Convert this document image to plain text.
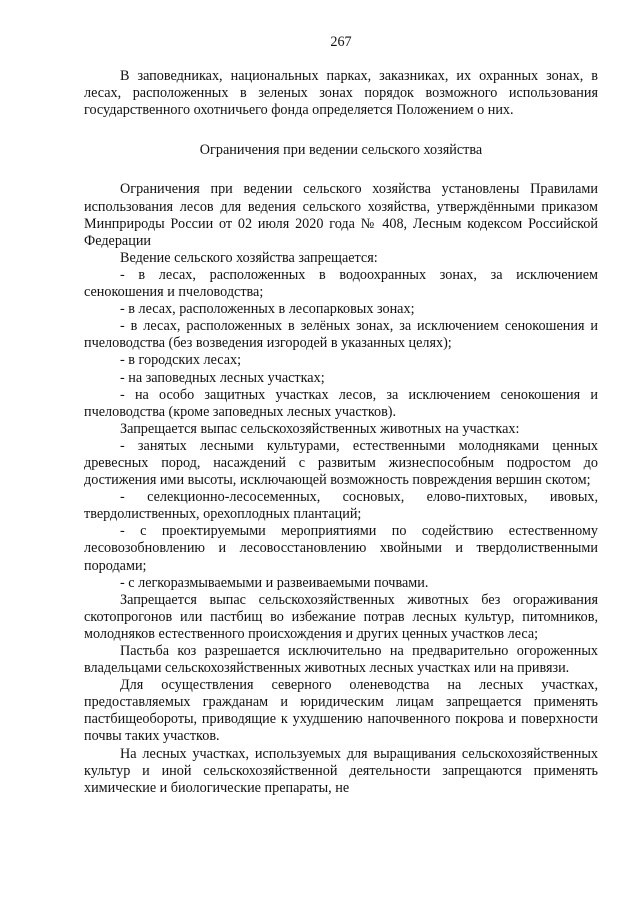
267

В заповедниках, национальных парках, заказниках, их охранных зонах, в лесах, расположенных в зеленых зонах порядок возможного использования государственного охотничьего фонда определяется Положением о них.

Ограничения при ведении сельского хозяйства

Ограничения при ведении сельского хозяйства установлены Правилами использования лесов для ведения сельского хозяйства, утверждёнными приказом Минприроды России от 02 июля 2020 года № 408, Лесным кодексом Российской Федерации

Ведение сельского хозяйства запрещается:

- в лесах, расположенных в водоохранных зонах, за исключением сенокошения и пчеловодства;

- в лесах, расположенных в лесопарковых зонах;

- в лесах, расположенных в зелёных зонах, за исключением сенокошения и пчеловодства (без возведения изгородей в указанных целях);

- в городских лесах;

- на заповедных лесных участках;

- на особо защитных участках лесов, за исключением сенокошения и пчеловодства (кроме заповедных лесных участков).

Запрещается выпас сельскохозяйственных животных на участках:

- занятых лесными культурами, естественными молодняками ценных древесных пород, насаждений с развитым жизнеспособным подростом до достижения ими высоты, исключающей возможность повреждения вершин скотом;

- селекционно-лесосеменных, сосновых, елово-пихтовых, ивовых, твердолиственных, орехоплодных плантаций;

- с проектируемыми мероприятиями по содействию естественному лесовозобновлению и лесовосстановлению хвойными и твердолиственными породами;

- с легкоразмываемыми и развеиваемыми почвами.

Запрещается выпас сельскохозяйственных животных без огораживания скотопрогонов или пастбищ во избежание потрав лесных культур, питомников, молодняков естественного происхождения и других ценных участков леса;

Пастьба коз разрешается исключительно на предварительно огороженных владельцами сельскохозяйственных животных лесных участках или на привязи.

Для осуществления северного оленеводства на лесных участках, предоставляемых гражданам и юридическим лицам запрещается применять пастбищеобороты, приводящие к ухудшению напочвенного покрова и поверхности почвы таких участков.

На лесных участках, используемых для выращивания сельскохозяйственных культур и иной сельскохозяйственной деятельности запрещаются применять химические и биологические препараты, не
